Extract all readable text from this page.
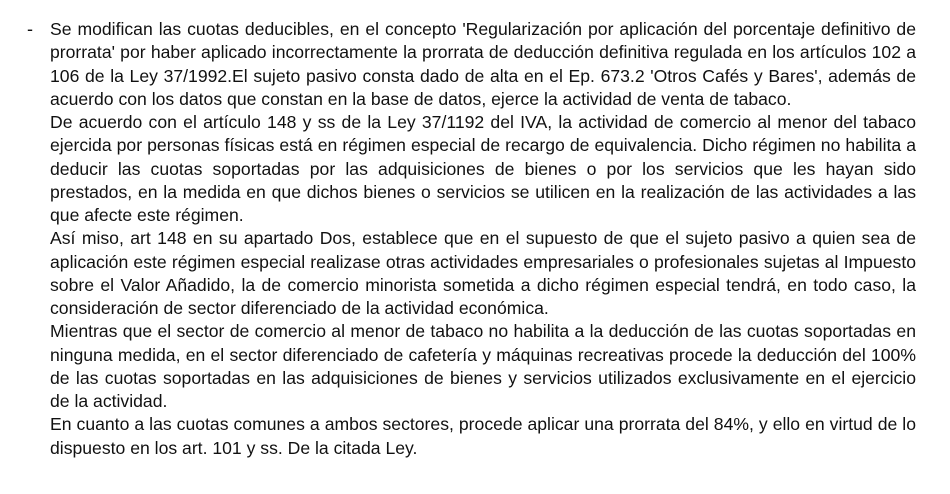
- Se modifican las cuotas deducibles, en el concepto 'Regularización por aplicación del porcentaje definitivo de prorrata' por haber aplicado incorrectamente la prorrata de deducción definitiva regulada en los artículos 102 a 106 de la Ley 37/1992.El sujeto pasivo consta dado de alta en el Ep. 673.2 'Otros Cafés y Bares', además de acuerdo con los datos que constan en la base de datos, ejerce la actividad de venta de tabaco.

De acuerdo con el artículo 148 y ss de la Ley 37/1192 del IVA, la actividad de comercio al menor del tabaco ejercida por personas físicas está en régimen especial de recargo de equivalencia. Dicho régimen no habilita a deducir las cuotas soportadas por las adquisiciones de bienes o por los servicios que les hayan sido prestados, en la medida en que dichos bienes o servicios se utilicen en la realización de las actividades a las que afecte este régimen.

Así miso, art 148 en su apartado Dos, establece que en el supuesto de que el sujeto pasivo a quien sea de aplicación este régimen especial realizase otras actividades empresariales o profesionales sujetas al Impuesto sobre el Valor Añadido, la de comercio minorista sometida a dicho régimen especial tendrá, en todo caso, la consideración de sector diferenciado de la actividad económica.

Mientras que el sector de comercio al menor de tabaco no habilita a la deducción de las cuotas soportadas en ninguna medida, en el sector diferenciado de cafetería y máquinas recreativas procede la deducción del 100% de las cuotas soportadas en las adquisiciones de bienes y servicios utilizados exclusivamente en el ejercicio de la actividad.

En cuanto a las cuotas comunes a ambos sectores, procede aplicar una prorrata del 84%, y ello en virtud de lo dispuesto en los art. 101 y ss. De la citada Ley.
